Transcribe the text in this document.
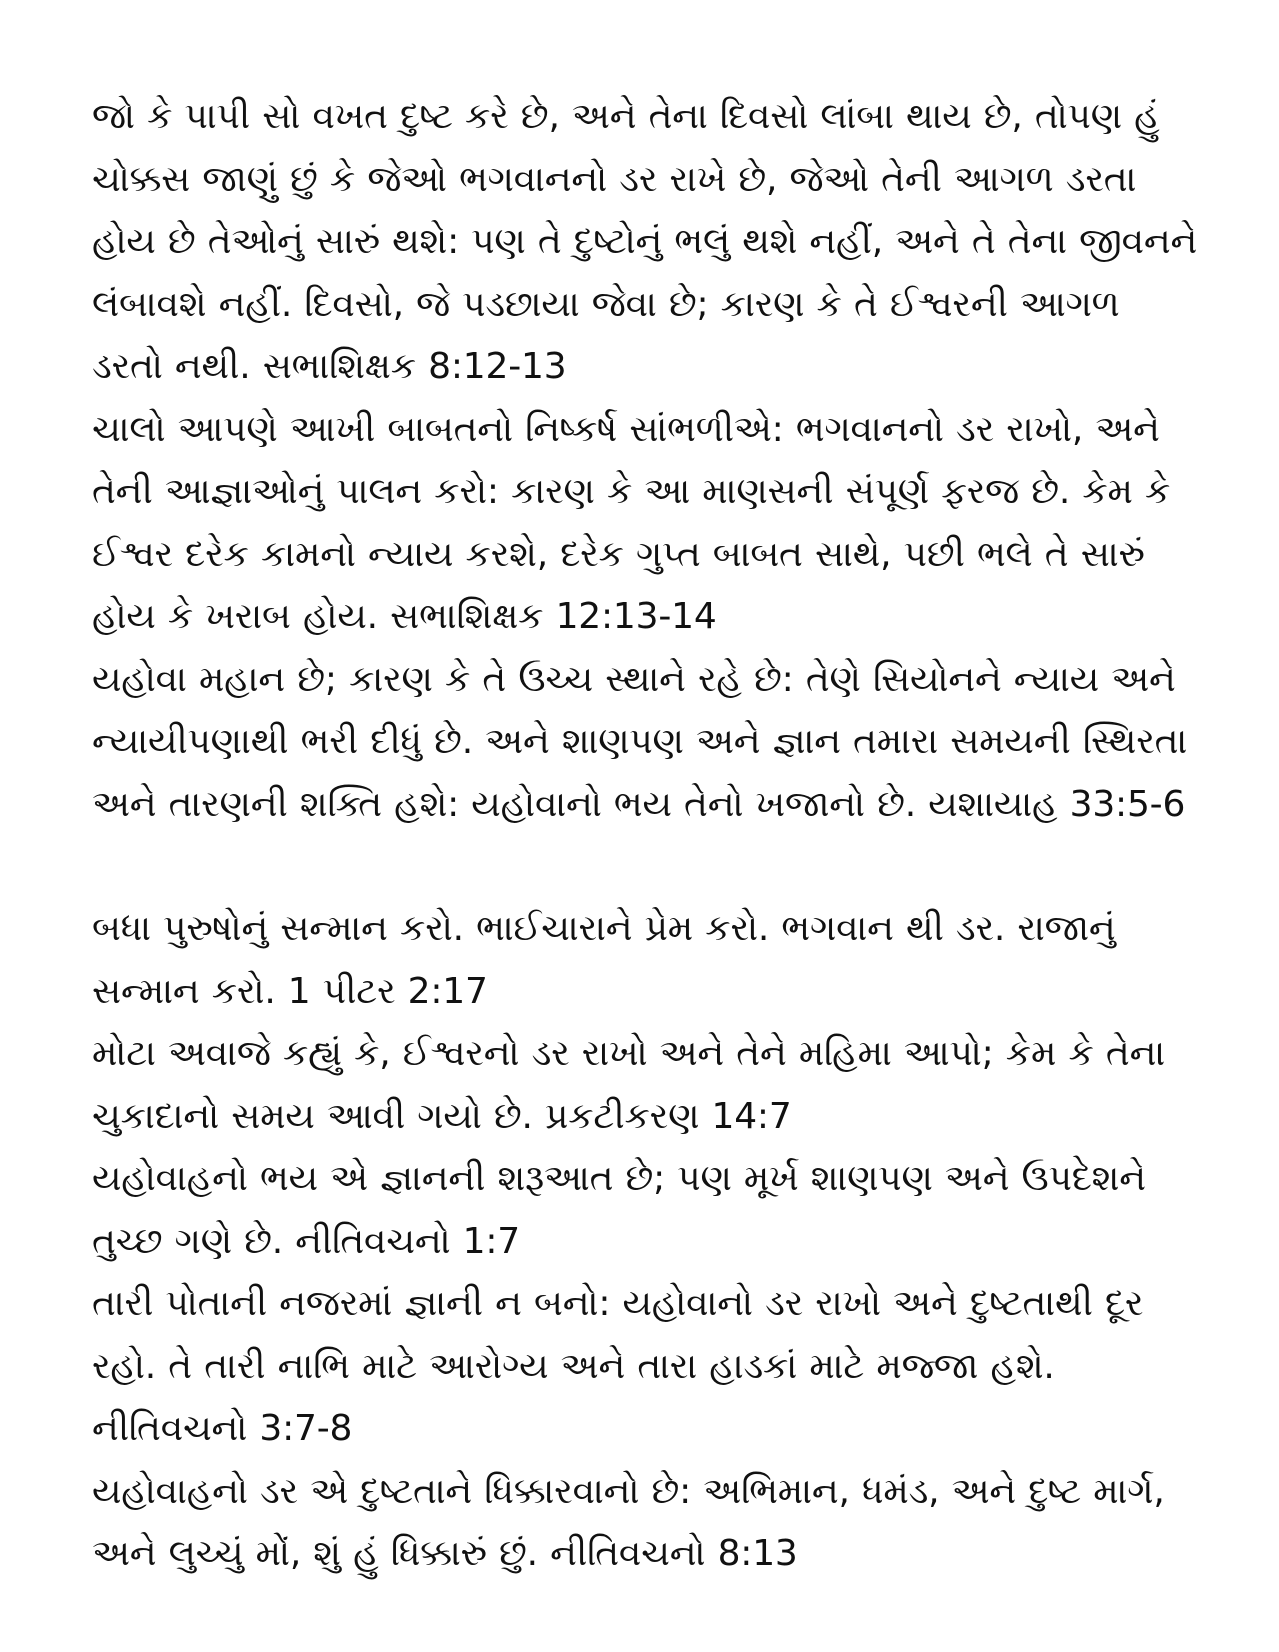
જો કે પાપી સો વખત દુષ્ટ કરે છે, અને તેના દિવસો લાંબા થાય છે, તોપણ હું ચોક્કસ જાણું છું કે જેઓ ભગવાનનો ડર રાખે છે, જેઓ તેની આગળ ડરતા હોય છે તેઓનું સારું થશે: પણ તે દુષ્ટોનું ભલું થશે નહીં, અને તે તેના જીવનને લંબાવશે નહીં. દિવસો, જે પડછાયા જેવા છે; કારણ કે તે ઈશ્વરની આગળ ડરતો નથી. સભાશિક્ષક 8:12-13

ચાલો આપણે આખી બાબતનો નિષ્કર્ષ સાંભળીએ: ભગવાનનો ડર રાખો, અને તેની આજ્ઞાઓનું પાલન કરો: કારણ કે આ માણસની સંપૂર્ણ ફરજ છે. કેમ કે ઈશ્વર દરેક કામનો ન્યાય કરશે, દરેક ગુપ્ત બાબત સાથે, પછી ભલે તે સારું હોય કે ખરાબ હોય. સભાશિક્ષક 12:13-14

યહોવા મહાન છે; કારણ કે તે ઉચ્ચ સ્થાને રહે છે: તેણે સિયોનને ન્યાય અને ન્યાયીપણાથી ભરી દીધું છે. અને શાણપણ અને જ્ઞાન તમારા સમયની સ્થિરતા અને તારણની શક્તિ હશે: યહોવાનો ભય તેનો ખજાનો છે. યશાયાહ 33:5-6

બધા પુરુષોનું સન્માન કરો. ભાઈચારાને પ્રેમ કરો. ભગવાન થી ડર. રાજાનું સન્માન કરો. 1 પીટર 2:17

મોટા અવાજે કહ્યું કે, ઈશ્વરનો ડર રાખો અને તેને મહિમા આપો; કેમ કે તેના ચુકાદાનો સમય આવી ગયો છે. પ્રકટીકરણ 14:7

યહોવાહનો ભય એ જ્ઞાનની શરૂઆત છે; પણ મૂર્ખ શાણપણ અને ઉપદેશને તુચ્છ ગણે છે. નીતિવચનો 1:7

તારી પોતાની નજરમાં જ્ઞાની ન બનો: યહોવાનો ડર રાખો અને દુષ્ટતાથી દૂર રહો. તે તારી નાભિ માટે આરોગ્ય અને તારા હાડકાં માટે મજ્જા હશે. નીતિવચનો 3:7-8

યહોવાહનો ડર એ દુષ્ટતાને ધિક્કારવાનો છે: અભિમાન, ધમંડ, અને દુષ્ટ માર્ગ, અને લુચ્ચું મોં, શું હું ધિક્કારું છું. નીતિવચનો 8:13
